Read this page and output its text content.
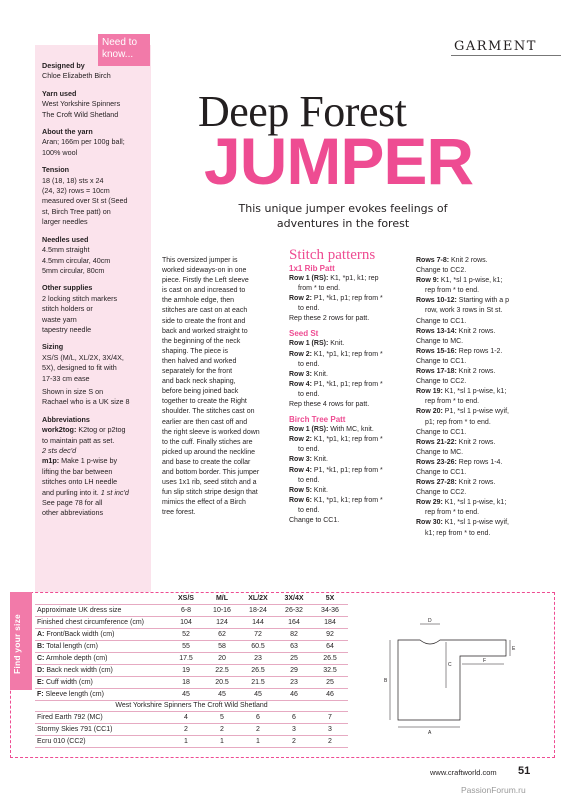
Designed by
Chloe Elizabeth Birch
Yarn used
West Yorkshire Spinners
The Croft Wild Shetland
About the yarn
Aran; 166m per 100g ball;
100% wool
Tension
18 (18, 18) sts x 24
(24, 32) rows = 10cm
measured over St st (Seed
st, Birch Tree patt) on
larger needles
Needles used
4.5mm straight
4.5mm circular, 40cm
5mm circular, 80cm
Other supplies
2 locking stitch markers
stitch holders or
waste yarn
tapestry needle
Sizing
XS/S (M/L, XL/2X, 3X/4X,
5X), designed to fit with
17-33 cm ease
Shown in size S on
Rachael who is a UK size 8
Abbreviations
work2tog: K2tog or p2tog
to maintain patt as set.
2 sts dec'd
m1p: Make 1 p-wise by
lifting the bar between
stitches onto LH needle
and purling into it. 1 st inc'd
See page 78 for all
other abbreviations
Need to know...
GARMENT
Deep Forest
JUMPER
This unique jumper evokes feelings of adventures in the forest
This oversized jumper is
worked sideways-on in one
piece. Firstly the Left sleeve
is cast on and increased to
the armhole edge, then
stitches are cast on at each
side to create the front and
back and worked straight to
the beginning of the neck
shaping. The piece is
then halved and worked
separately for the front
and back neck shaping,
before being joined back
together to create the Right
shoulder. The stitches cast on
earlier are then cast off and
the right sleeve is worked down
to the cuff. Finally stiches are
picked up around the neckline
and base to create the collar
and bottom border. This jumper
uses 1x1 rib, seed stitch and a
fun slip stitch stripe design that
mimics the effect of a Birch
tree forest.
Stitch patterns
1x1 Rib Patt
Row 1 (RS): K1, *p1, k1; rep
from * to end.
Row 2: P1, *k1, p1; rep from *
to end.
Rep these 2 rows for patt.
Seed St
Row 1 (RS): Knit.
Row 2: K1, *p1, k1; rep from *
to end.
Row 3: Knit.
Row 4: P1, *k1, p1; rep from *
to end.
Rep these 4 rows for patt.
Birch Tree Patt
Row 1 (RS): With MC, knit.
Row 2: K1, *p1, k1; rep from *
to end.
Row 3: Knit.
Row 4: P1, *k1, p1; rep from *
to end.
Row 5: Knit.
Row 6: K1, *p1, k1; rep from *
to end.
Change to CC1.
Rows 7-8: Knit 2 rows.
Change to CC2.
Row 9: K1, *sl 1 p-wise, k1;
rep from * to end.
Rows 10-12: Starting with a p
row, work 3 rows in St st.
Change to CC1.
Rows 13-14: Knit 2 rows.
Change to MC.
Rows 15-16: Rep rows 1-2.
Change to CC1.
Rows 17-18: Knit 2 rows.
Change to CC2.
Row 19: K1, *sl 1 p-wise, k1;
rep from * to end.
Row 20: P1, *sl 1 p-wise wyif,
p1; rep from * to end.
Change to CC1.
Rows 21-22: Knit 2 rows.
Change to MC.
Rows 23-26: Rep rows 1-4.
Change to CC1.
Rows 27-28: Knit 2 rows.
Change to CC2.
Row 29: K1, *sl 1 p-wise, k1;
rep from * to end.
Row 30: K1, *sl 1 p-wise wyif,
k1; rep from * to end.
Find your size
	XS/S	M/L	XL/2X	3X/4X	5X
Approximate UK dress size	6-8	10-16	18-24	26-32	34-36
Finished chest circumference (cm)	104	124	144	164	184
A: Front/Back width (cm)	52	62	72	82	92
B: Total length (cm)	55	58	60.5	63	64
C: Armhole depth (cm)	17.5	20	23	25	26.5
D: Back neck width (cm)	19	22.5	26.5	29	32.5
E: Cuff width (cm)	18	20.5	21.5	23	25
F: Sleeve length (cm)	45	45	45	46	46
West Yorkshire Spinners The Croft Wild Shetland					
Fired Earth 792 (MC)	4	5	6	6	7
Stormy Skies 791 (CC1)	2	2	2	3	3
Ecru 010 (CC2)	1	1	1	2	2
D
E
C
B
F
A
www.craftworld.com 51
PassionForum.ru
